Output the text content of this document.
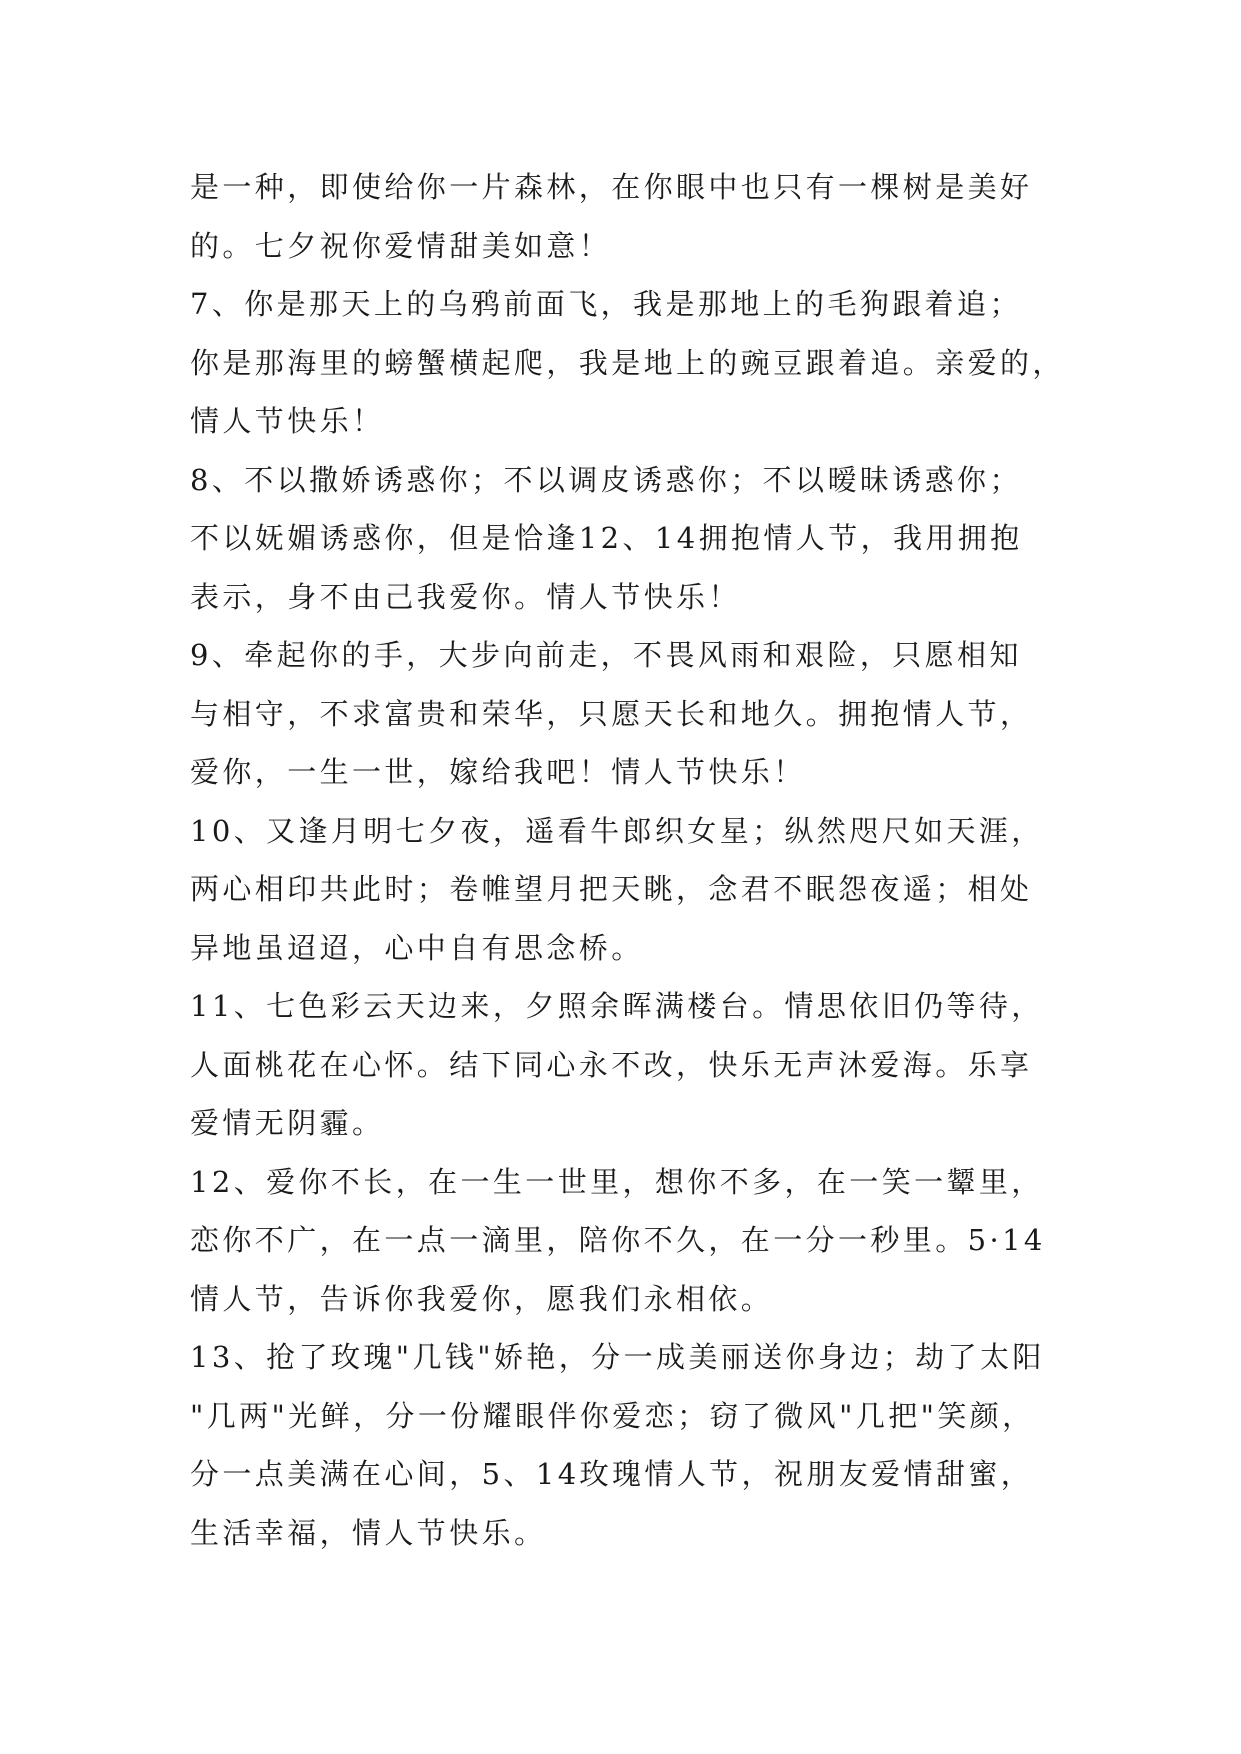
是一种，即使给你一片森林，在你眼中也只有一棵树是美好
的。七夕祝你爱情甜美如意！
7、你是那天上的乌鸦前面飞，我是那地上的毛狗跟着追；
你是那海里的螃蟹横起爬，我是地上的豌豆跟着追。亲爱的，
情人节快乐！
8、不以撒娇诱惑你；不以调皮诱惑你；不以暧昧诱惑你；
不以妩媚诱惑你，但是恰逢12、14拥抱情人节，我用拥抱
表示，身不由己我爱你。情人节快乐！
9、牵起你的手，大步向前走，不畏风雨和艰险，只愿相知
与相守，不求富贵和荣华，只愿天长和地久。拥抱情人节，
爱你，一生一世，嫁给我吧！情人节快乐！
10、又逢月明七夕夜，遥看牛郎织女星；纵然咫尺如天涯，
两心相印共此时；卷帷望月把天眺，念君不眠怨夜遥；相处
异地虽迢迢，心中自有思念桥。
11、七色彩云天边来，夕照余晖满楼台。情思依旧仍等待，
人面桃花在心怀。结下同心永不改，快乐无声沐爱海。乐享
爱情无阴霾。
12、爱你不长，在一生一世里，想你不多，在一笑一颦里，
恋你不广，在一点一滴里，陪你不久，在一分一秒里。5·14
情人节，告诉你我爱你，愿我们永相依。
13、抢了玫瑰"几钱"娇艳，分一成美丽送你身边；劫了太阳
"几两"光鲜，分一份耀眼伴你爱恋；窃了微风"几把"笑颜，
分一点美满在心间，5、14玫瑰情人节，祝朋友爱情甜蜜，
生活幸福，情人节快乐。
